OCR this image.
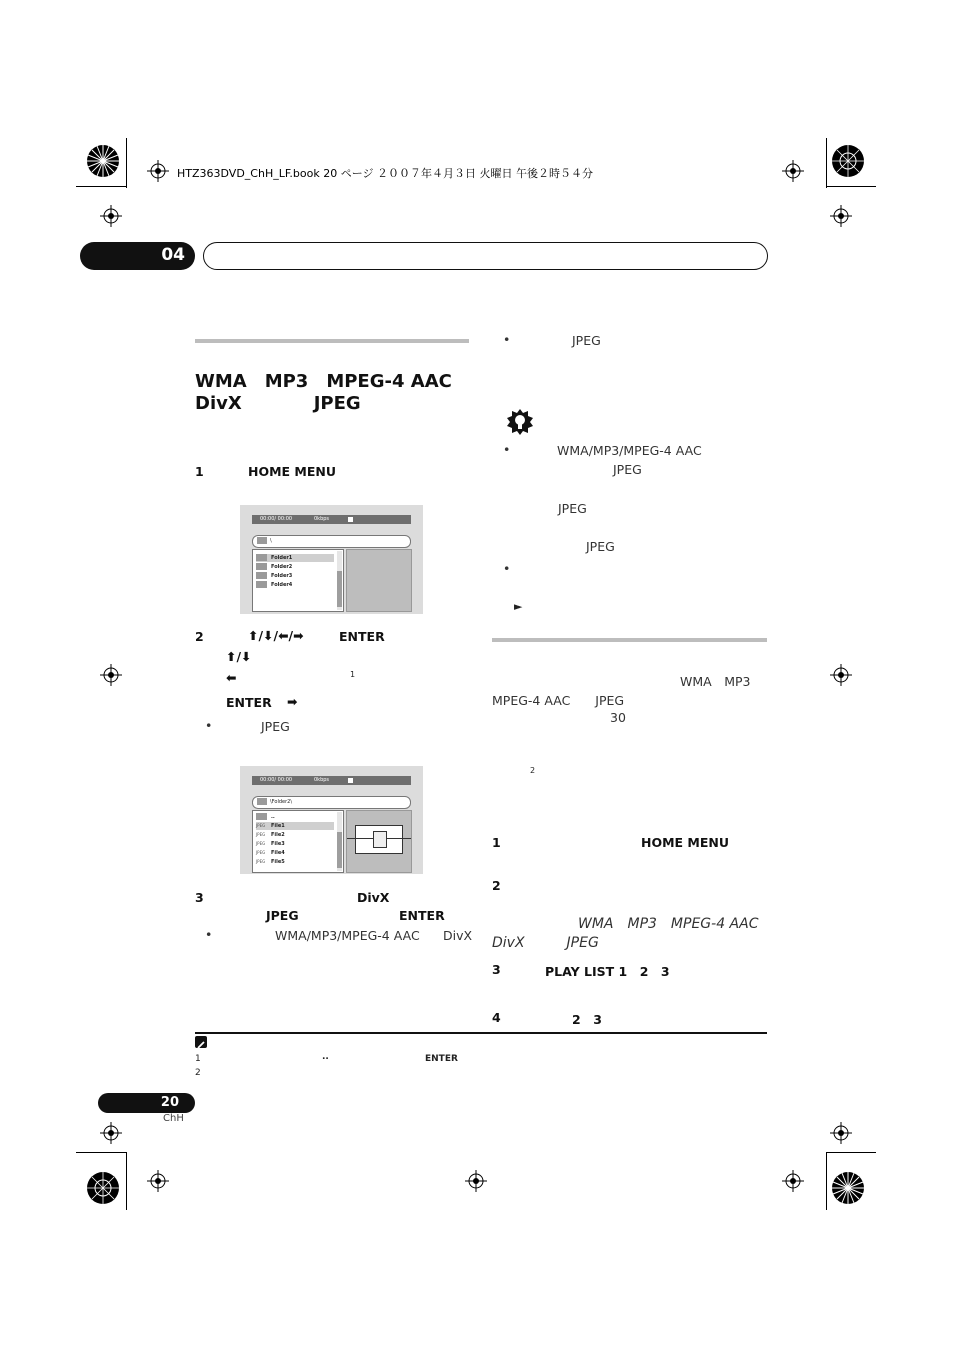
HTZ363DVD_ChH_LF.book 20 ページ ２００７年４月３日 火曜日 午後２時５４分
04
WMA　MP3　MPEG-4 AAC
DivX　　　　JPEG
1	HOME MENU
00:00/ 00:00	0kbps
\
Folder1
Folder2
Folder3
Folder4
2	⬆/⬇/⬅/➡	ENTER
⬆/⬇
⬅	1
ENTER ➡
•	JPEG
00:00/ 00:00	0kbps
\Folder2\
..
JPEG File1
JPEG File2
JPEG File3
JPEG File4
JPEG File5
3	DivX
JPEG	ENTER
•	WMA/MP3/MPEG-4 AAC DivX
•	JPEG
•	WMA/MP3/MPEG-4 AAC
JPEG
JPEG
JPEG
•
►
WMA　MP3
MPEG-4 AAC　　JPEG
30
2
1	HOME MENU
2
WMA　MP3　MPEG-4 AAC
DivX　　　JPEG
3	PLAY LIST 1　2　3
4	2　3
1	..	ENTER
2
20
ChH
